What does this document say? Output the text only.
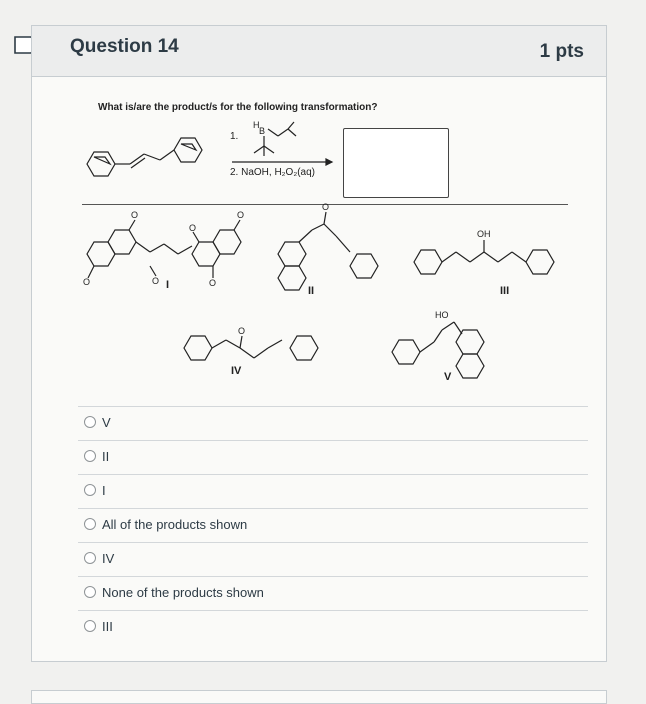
Question 14	1 pts
What is/are the product/s for the following transformation?
1.
H
B
2. NaOH, H₂O₂(aq)
O
O
O
O
O
O
I
O
II
OH
III
O
IV
HO
V
V
II
I
All of the products shown
IV
None of the products shown
III
